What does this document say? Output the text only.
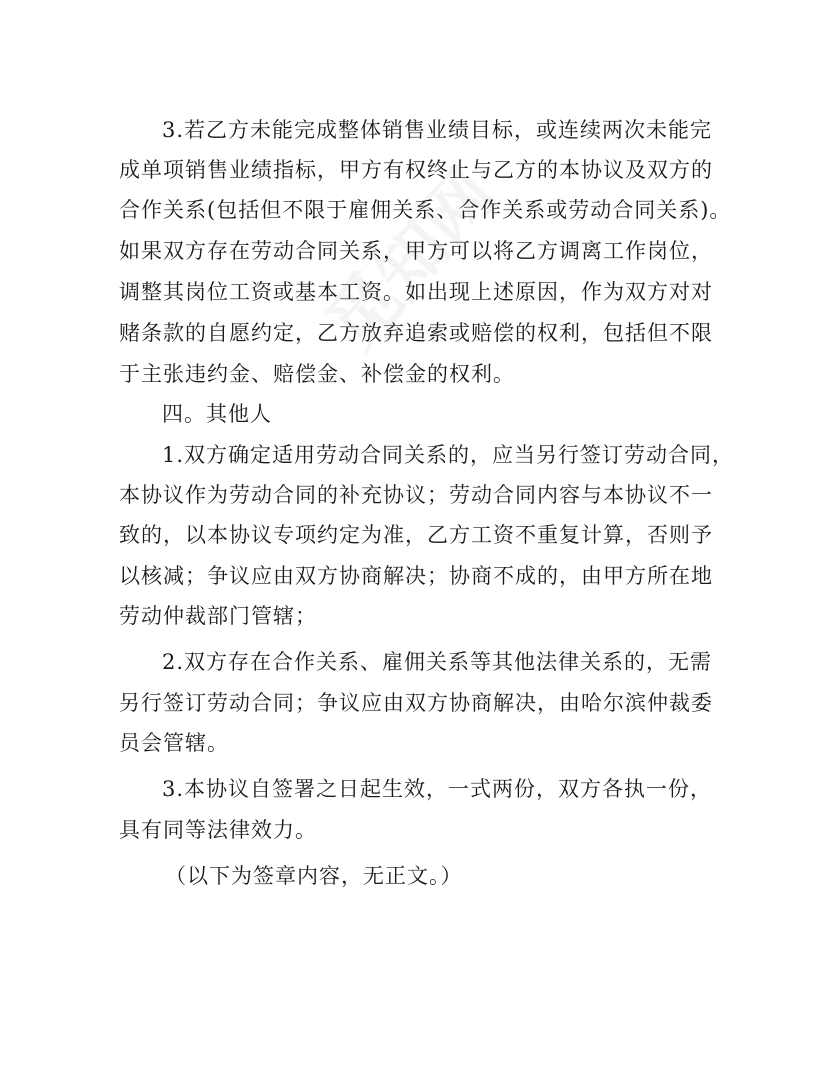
3.若乙方未能完成整体销售业绩目标，或连续两次未能完
成单项销售业绩指标，甲方有权终止与乙方的本协议及双方的
合作关系(包括但不限于雇佣关系、合作关系或劳动合同关系)。
如果双方存在劳动合同关系，甲方可以将乙方调离工作岗位，
调整其岗位工资或基本工资。如出现上述原因，作为双方对对
赌条款的自愿约定，乙方放弃追索或赔偿的权利，包括但不限
于主张违约金、赔偿金、补偿金的权利。
四。其他人
1.双方确定适用劳动合同关系的，应当另行签订劳动合同，
本协议作为劳动合同的补充协议；劳动合同内容与本协议不一
致的，以本协议专项约定为准，乙方工资不重复计算，否则予
以核减；争议应由双方协商解决；协商不成的，由甲方所在地
劳动仲裁部门管辖；
2.双方存在合作关系、雇佣关系等其他法律关系的，无需
另行签订劳动合同；争议应由双方协商解决，由哈尔滨仲裁委
员会管辖。
3.本协议自签署之日起生效，一式两份，双方各执一份，
具有同等法律效力。
（以下为签章内容，无正文。）
